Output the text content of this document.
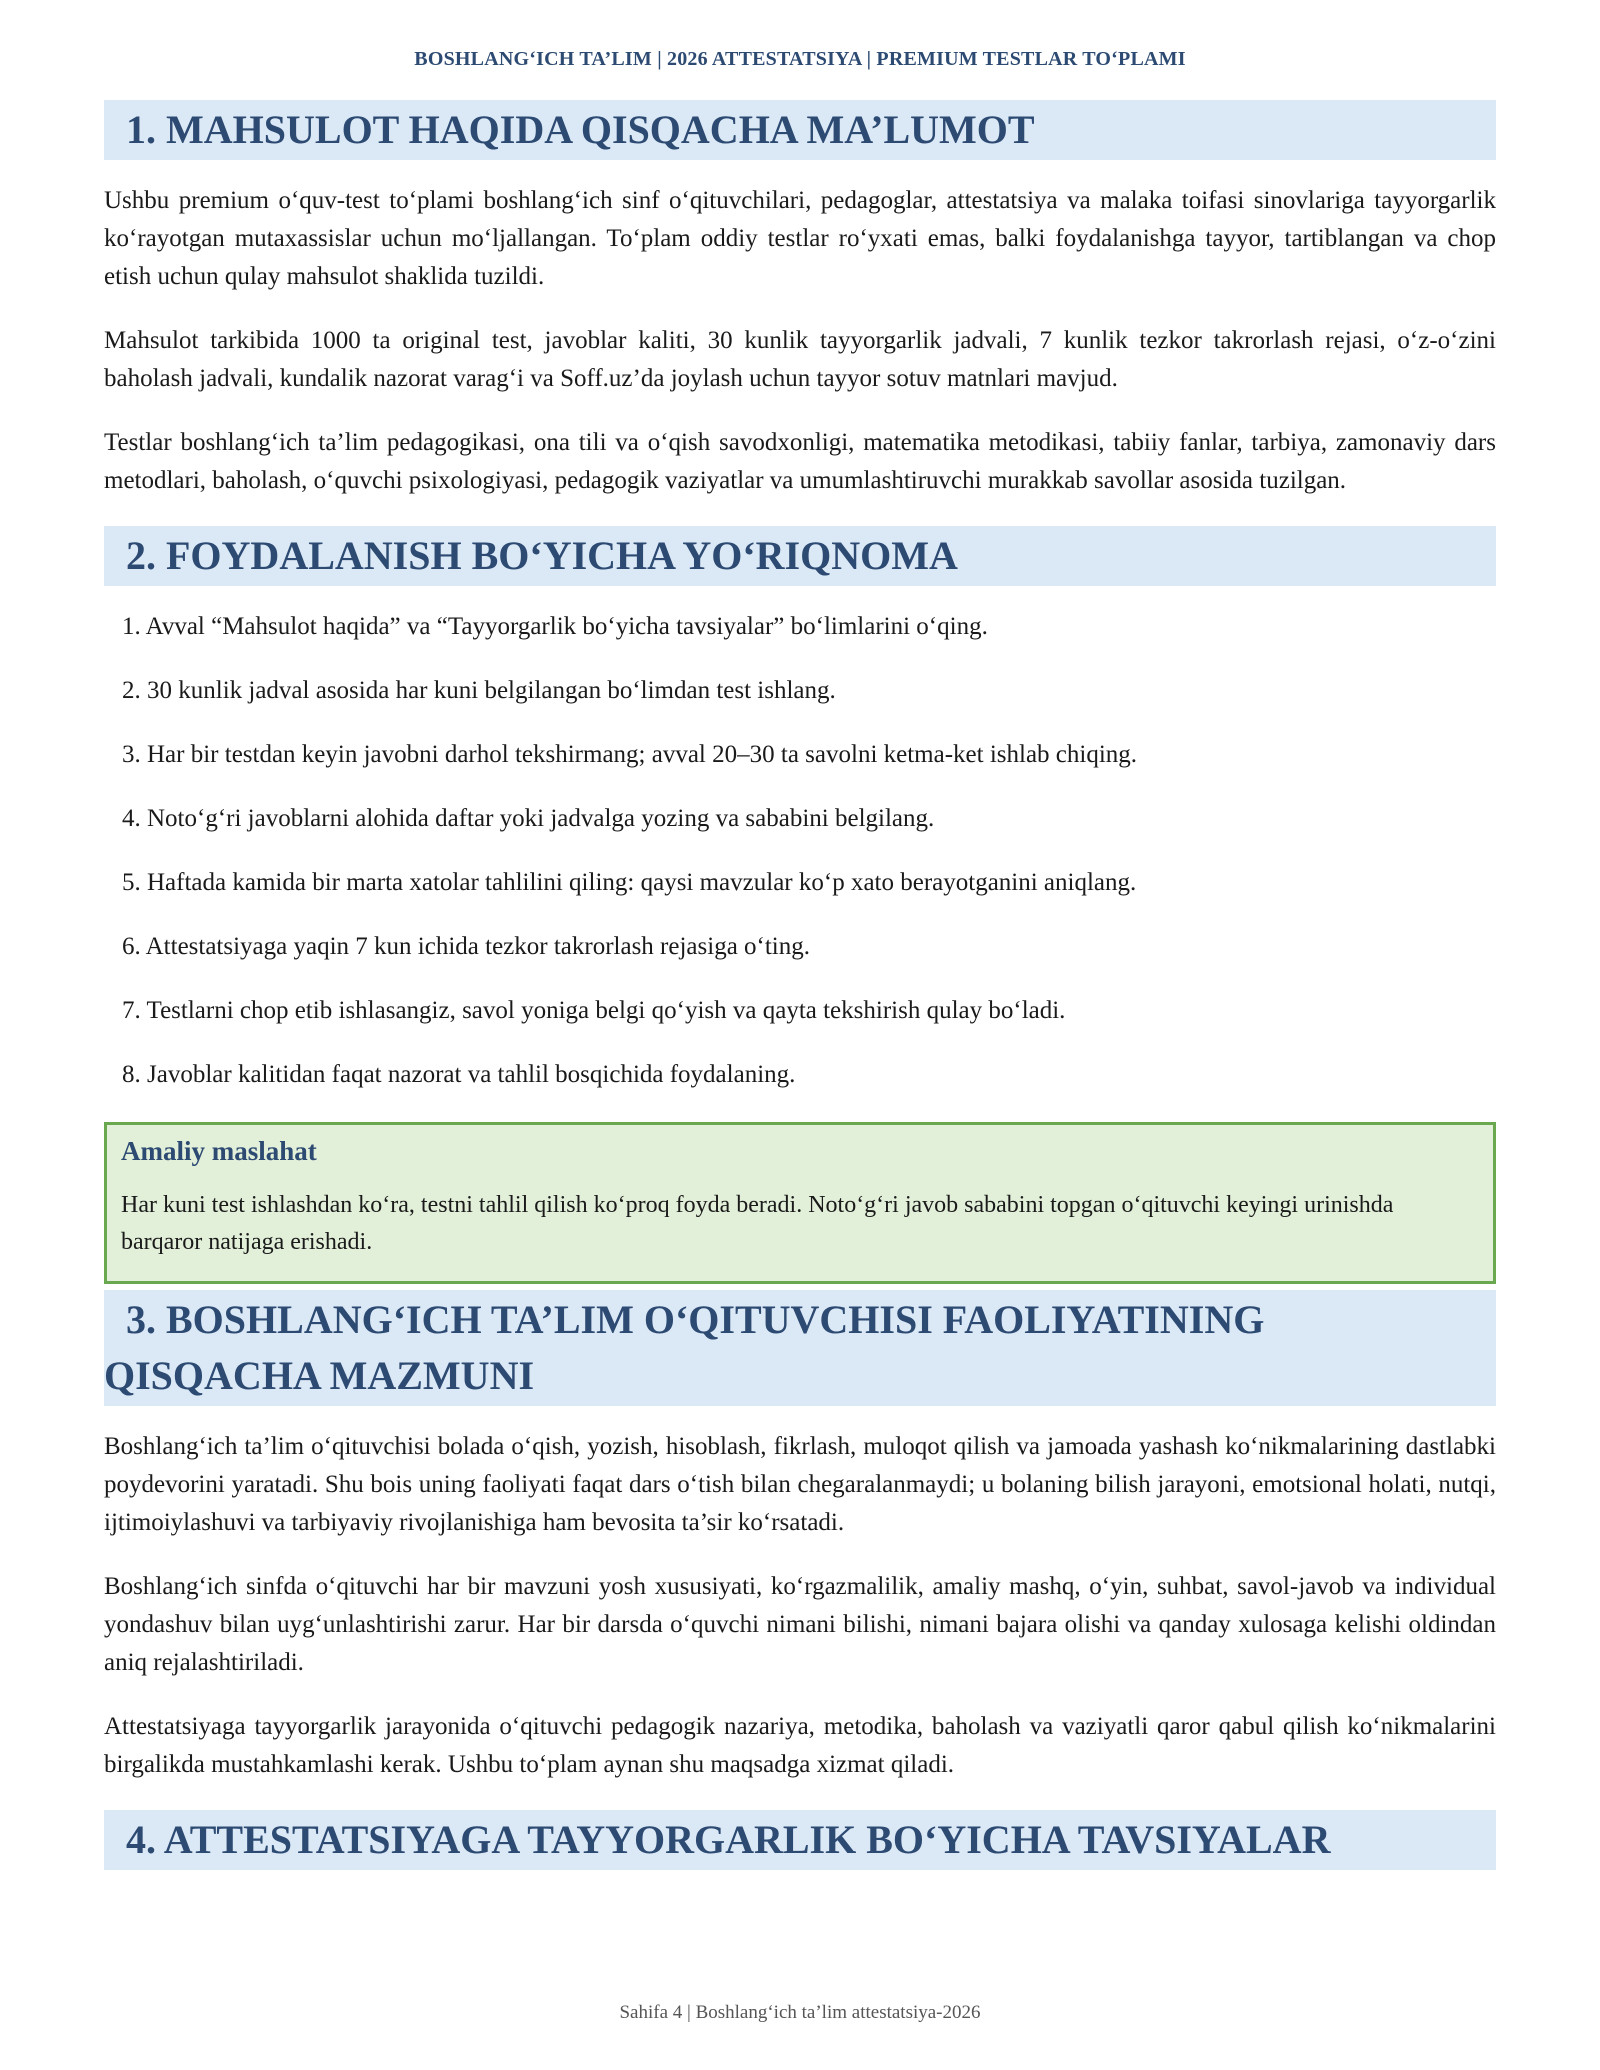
BOSHLANG‘ICH TA’LIM | 2026 ATTESTATSIYA | PREMIUM TESTLAR TO‘PLAMI
1. MAHSULOT HAQIDA QISQACHA MA’LUMOT

Ushbu premium o‘quv-test to‘plami boshlang‘ich sinf o‘qituvchilari, pedagoglar, attestatsiya va malaka toifasi sinovlariga tayyorgarlik ko‘rayotgan mutaxassislar uchun mo‘ljallangan. To‘plam oddiy testlar ro‘yxati emas, balki foydalanishga tayyor, tartiblangan va chop etish uchun qulay mahsulot shaklida tuzildi.

Mahsulot tarkibida 1000 ta original test, javoblar kaliti, 30 kunlik tayyorgarlik jadvali, 7 kunlik tezkor takrorlash rejasi, o‘z-o‘zini baholash jadvali, kundalik nazorat varag‘i va Soff.uz’da joylash uchun tayyor sotuv matnlari mavjud.

Testlar boshlang‘ich ta’lim pedagogikasi, ona tili va o‘qish savodxonligi, matematika metodikasi, tabiiy fanlar, tarbiya, zamonaviy dars metodlari, baholash, o‘quvchi psixologiyasi, pedagogik vaziyatlar va umumlashtiruvchi murakkab savollar asosida tuzilgan.

2. FOYDALANISH BO‘YICHA YO‘RIQNOMA
1. Avval “Mahsulot haqida” va “Tayyorgarlik bo‘yicha tavsiyalar” bo‘limlarini o‘qing.
2. 30 kunlik jadval asosida har kuni belgilangan bo‘limdan test ishlang.
3. Har bir testdan keyin javobni darhol tekshirmang; avval 20–30 ta savolni ketma-ket ishlab chiqing.
4. Noto‘g‘ri javoblarni alohida daftar yoki jadvalga yozing va sababini belgilang.
5. Haftada kamida bir marta xatolar tahlilini qiling: qaysi mavzular ko‘p xato berayotganini aniqlang.
6. Attestatsiyaga yaqin 7 kun ichida tezkor takrorlash rejasiga o‘ting.
7. Testlarni chop etib ishlasangiz, savol yoniga belgi qo‘yish va qayta tekshirish qulay bo‘ladi.
8. Javoblar kalitidan faqat nazorat va tahlil bosqichida foydalaning.
Amaliy maslahat
Har kuni test ishlashdan ko‘ra, testni tahlil qilish ko‘proq foyda beradi. Noto‘g‘ri javob sababini topgan o‘qituvchi keyingi urinishda barqaror natijaga erishadi.
3. BOSHLANG‘ICH TA’LIM O‘QITUVCHISI FAOLIYATINING
QISQACHA MAZMUNI

Boshlang‘ich ta’lim o‘qituvchisi bolada o‘qish, yozish, hisoblash, fikrlash, muloqot qilish va jamoada yashash ko‘nikmalarining dastlabki poydevorini yaratadi. Shu bois uning faoliyati faqat dars o‘tish bilan chegaralanmaydi; u bolaning bilish jarayoni, emotsional holati, nutqi, ijtimoiylashuvi va tarbiyaviy rivojlanishiga ham bevosita ta’sir ko‘rsatadi.

Boshlang‘ich sinfda o‘qituvchi har bir mavzuni yosh xususiyati, ko‘rgazmalilik, amaliy mashq, o‘yin, suhbat, savol-javob va individual yondashuv bilan uyg‘unlashtirishi zarur. Har bir darsda o‘quvchi nimani bilishi, nimani bajara olishi va qanday xulosaga kelishi oldindan aniq rejalashtiriladi.

Attestatsiyaga tayyorgarlik jarayonida o‘qituvchi pedagogik nazariya, metodika, baholash va vaziyatli qaror qabul qilish ko‘nikmalarini birgalikda mustahkamlashi kerak. Ushbu to‘plam aynan shu maqsadga xizmat qiladi.

4. ATTESTATSIYAGA TAYYORGARLIK BO‘YICHA TAVSIYALAR
Sahifa 4 | Boshlang‘ich ta’lim attestatsiya-2026
